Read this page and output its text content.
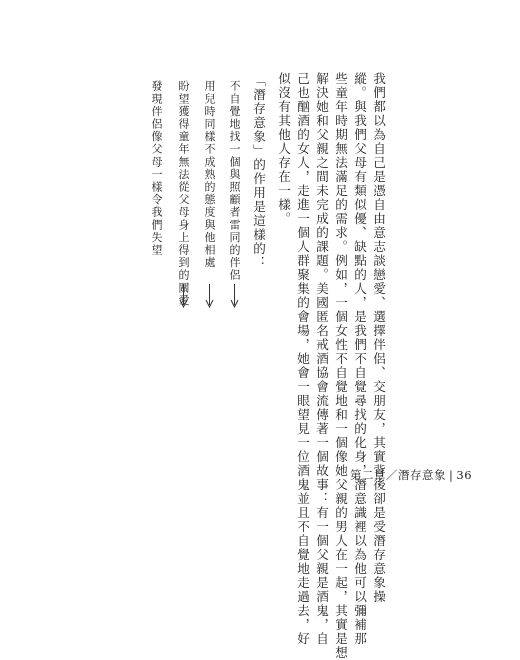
我們都以為自己是憑自由意志談戀愛、選擇伴侶、交朋友，其實背後卻是受潛存意象操

縱。與我們父母有類似優、缺點的人，是我們不自覺尋找的化身，潛意識裡以為他可以彌補那

些童年時期無法滿足的需求。例如，一個女性不自覺地和一個像她父親的男人在一起，其實是想

解決她和父親之間未完成的課題。美國匿名戒酒協會流傳著一個故事：有一個父親是酒鬼，自

己也酗酒的女人，走進一個人群聚集的會場，她會一眼望見一位酒鬼並且不自覺地走過去，好

似沒有其他人存在一樣。

「潛存意象」的作用是這樣的：

不自覺地找一個與照顧者雷同的伴侶

用兒時同樣不成熟的態度與他相處

盼望獲得童年無法從父母身上得到的關愛

發現伴侶像父母一樣令我們失望

第二章／潛存意象 | 36
